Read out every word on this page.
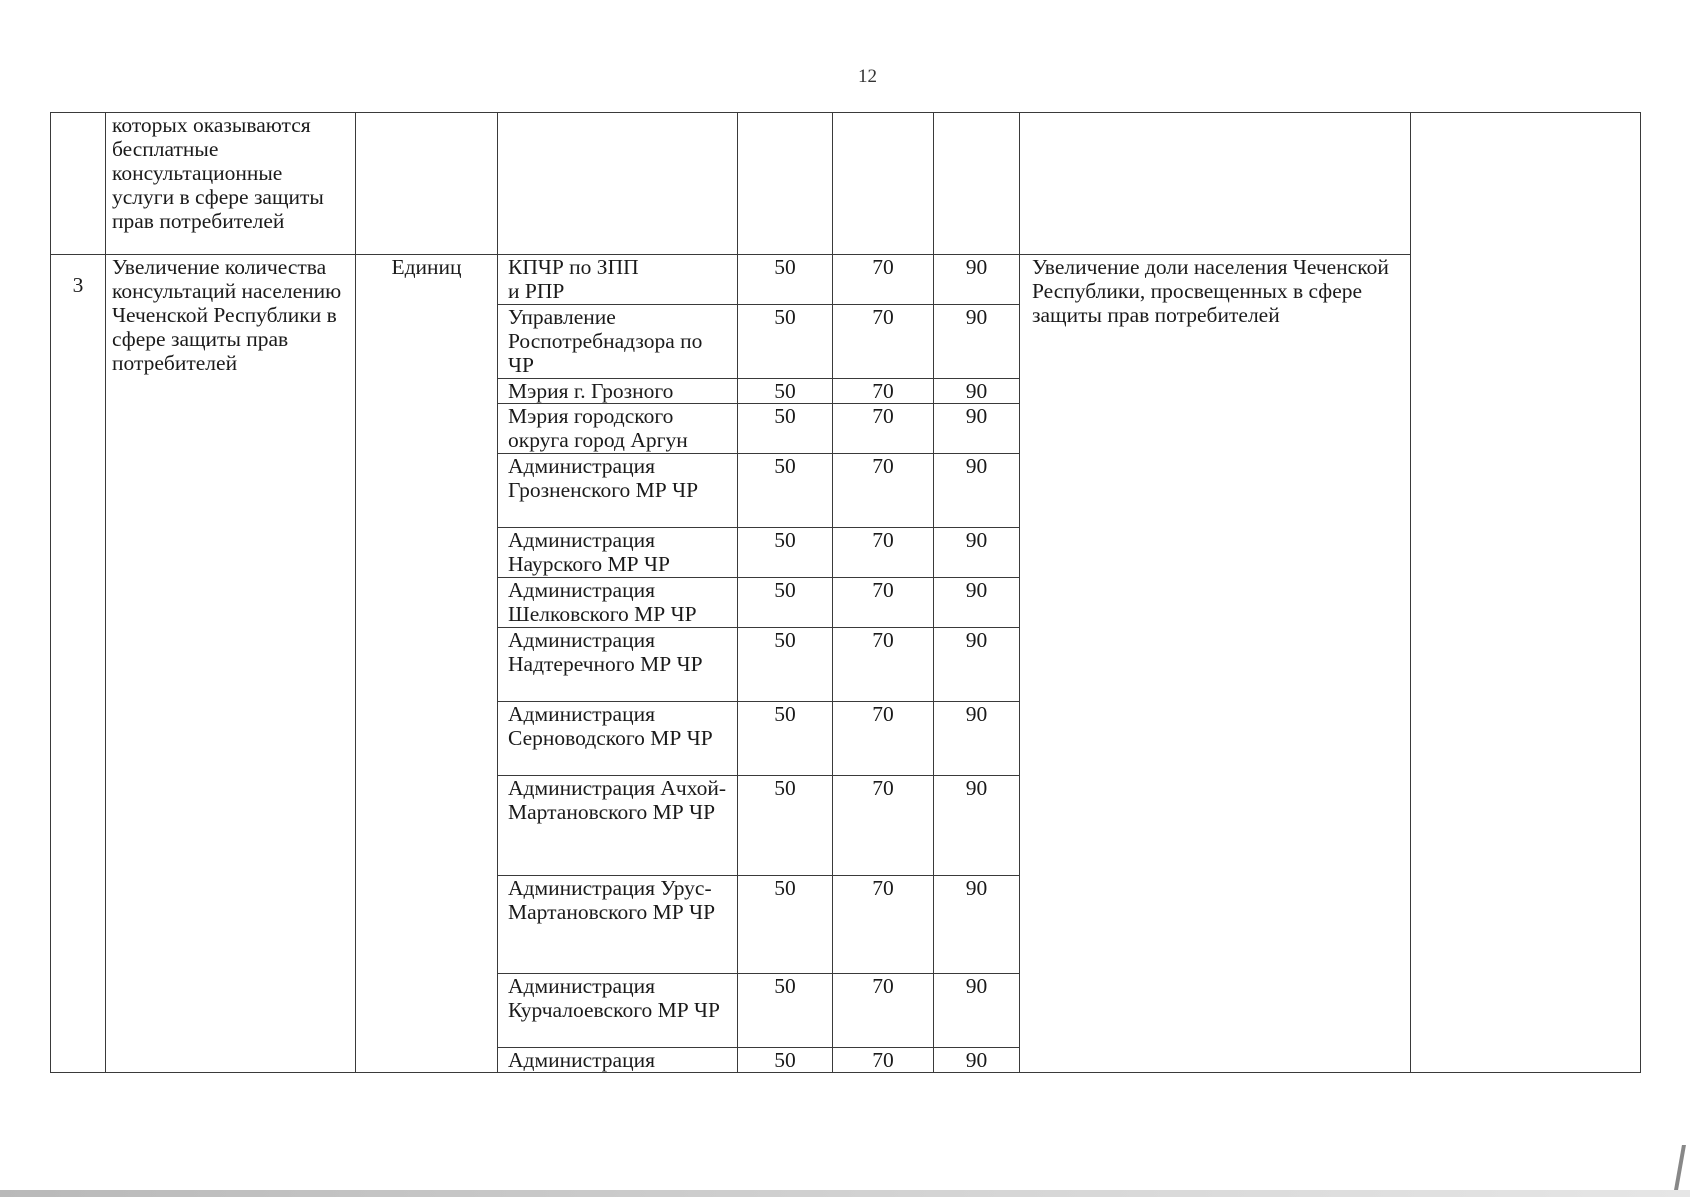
12
	которых оказываются бесплатные консультационные услуги в сфере защиты прав потребителей							

3	Увеличение количества консультаций населению Чеченской Республики в сфере защиты прав потребителей	Единиц	КПЧР по ЗПП
и РПР	50	70	90	Увеличение доли населения Чеченской Республики, просвещенных в сфере защиты прав потребителей	
			Управление Роспотребнадзора по ЧР	50	70	90		
			Мэрия г. Грозного	50	70	90		
			Мэрия городского округа город Аргун	50	70	90		
			Администрация Грозненского МР ЧР	50	70	90		
			Администрация Наурского МР ЧР	50	70	90		
			Администрация Шелковского МР ЧР	50	70	90		
			Администрация Надтеречного МР ЧР	50	70	90		
			Администрация Серноводского МР ЧР	50	70	90		
			Администрация Ачхой-Мартановского МР ЧР	50	70	90		
			Администрация Урус-Мартановского МР ЧР	50	70	90		
			Администрация Курчалоевского МР ЧР	50	70	90		
			Администрация	50	70	90		
